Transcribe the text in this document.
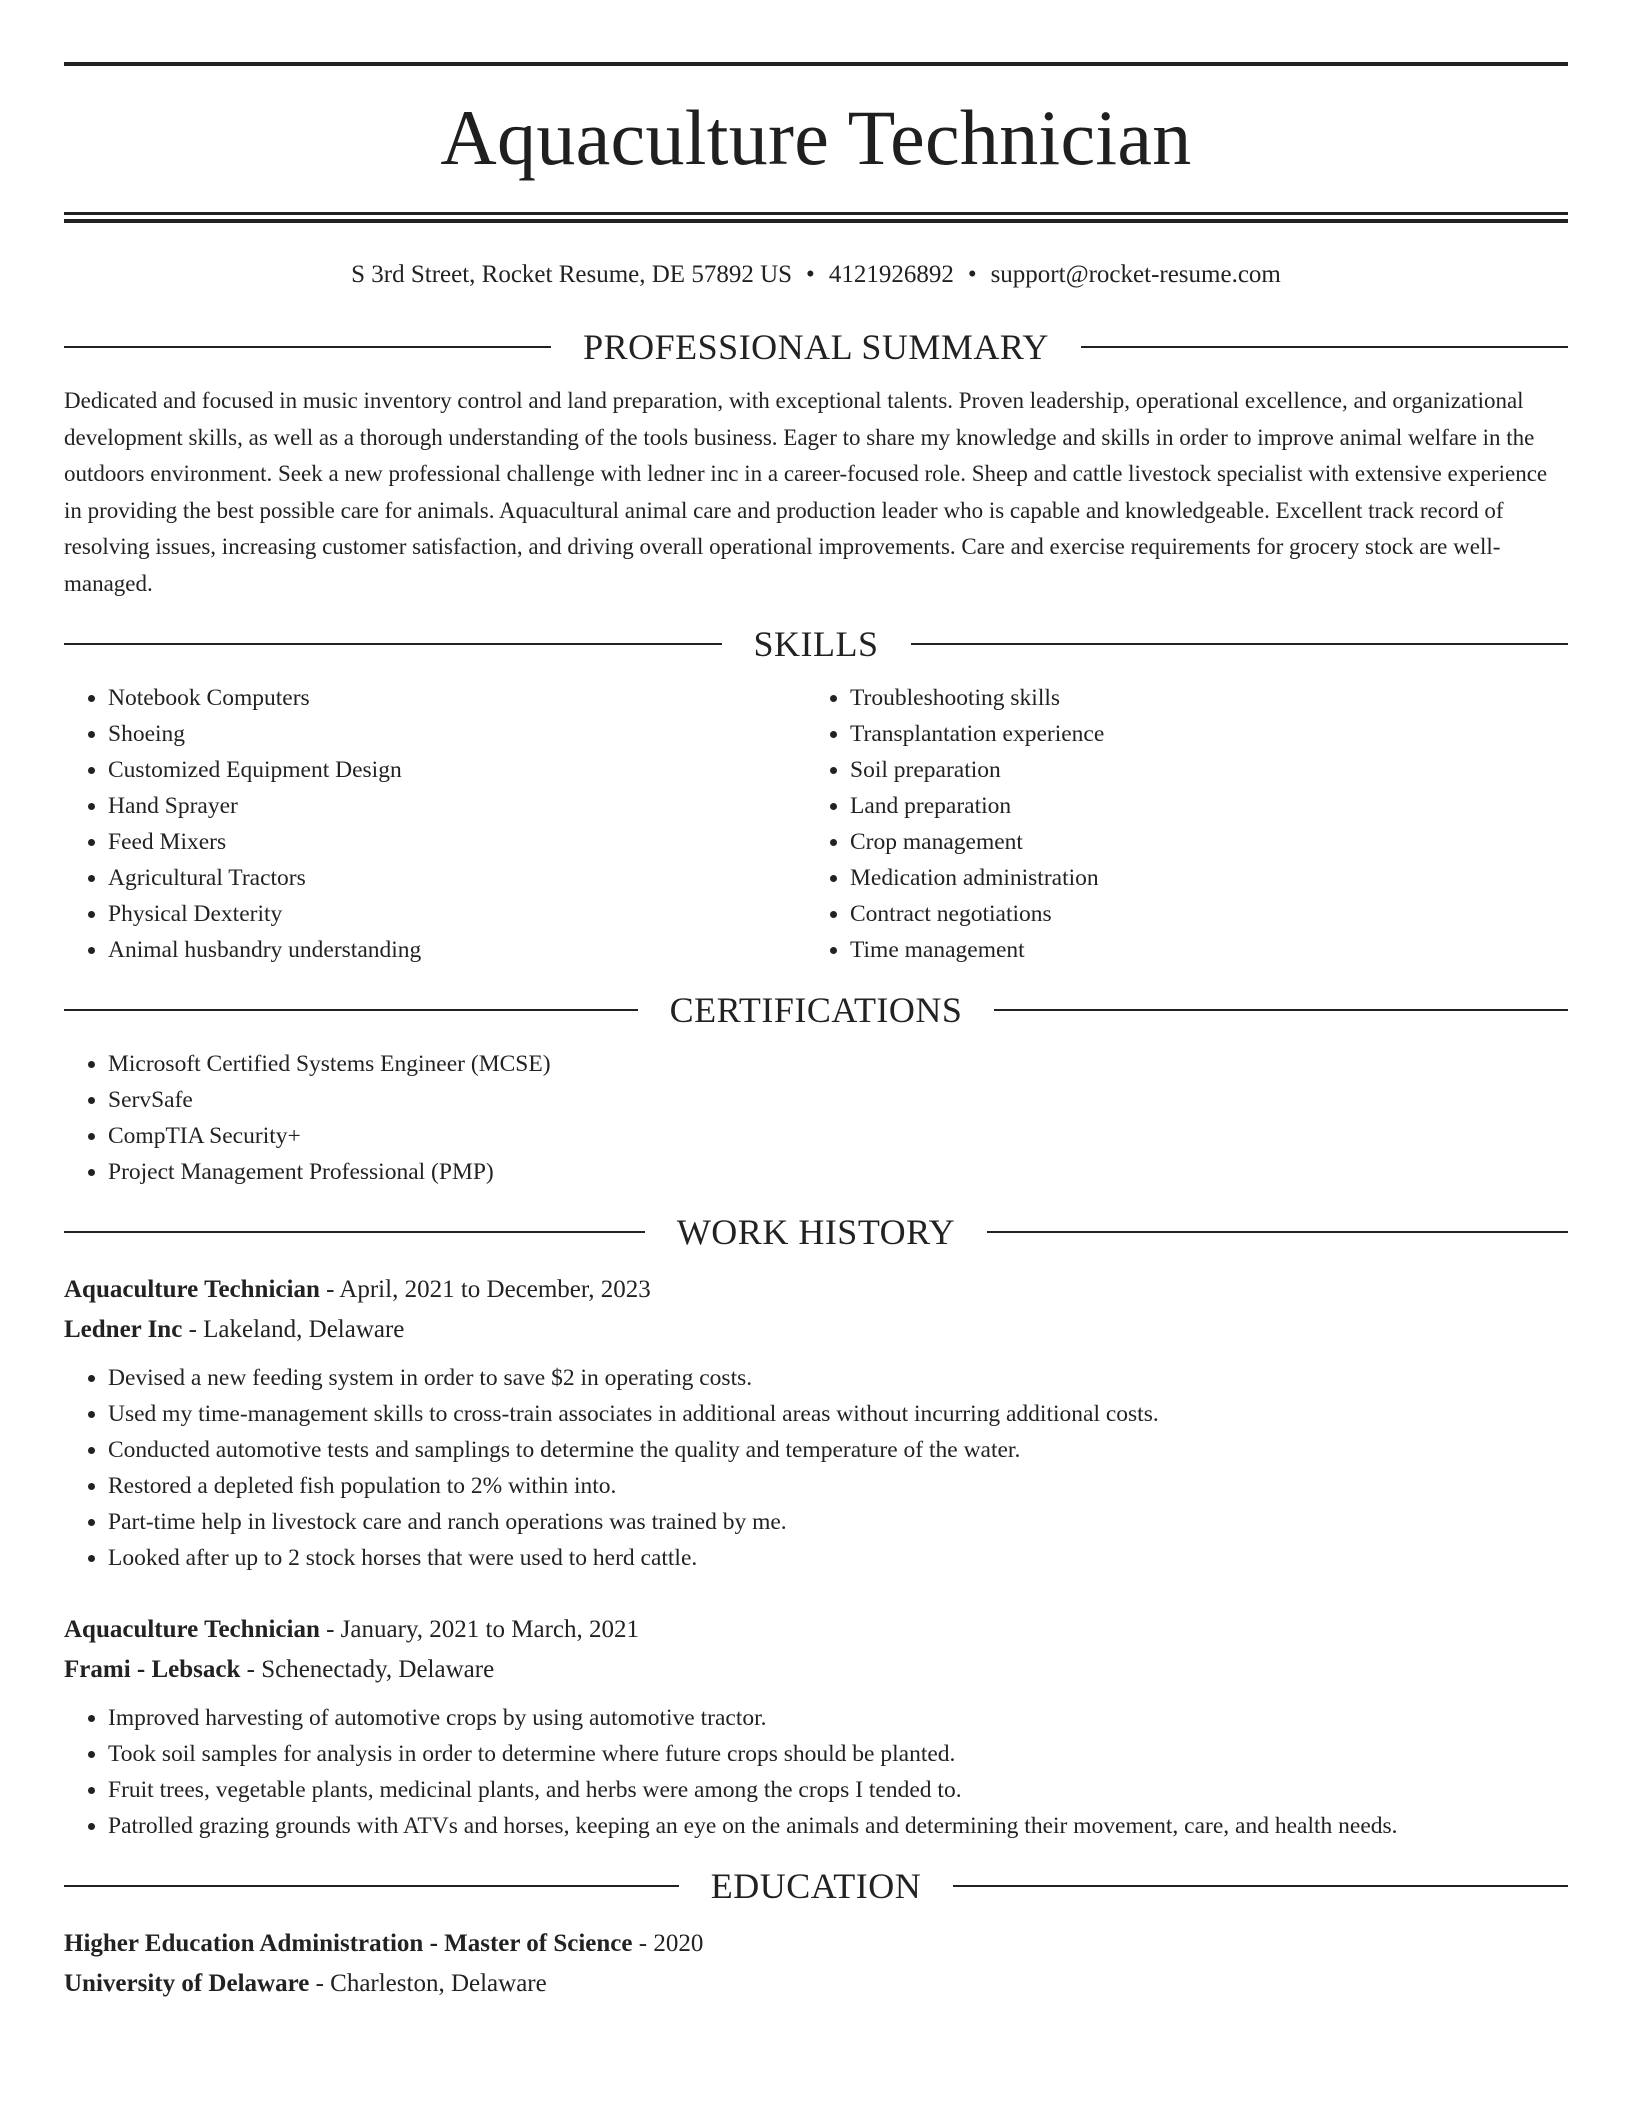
Aquaculture Technician
S 3rd Street, Rocket Resume, DE 57892 US • 4121926892 • support@rocket-resume.com
PROFESSIONAL SUMMARY
Dedicated and focused in music inventory control and land preparation, with exceptional talents. Proven leadership, operational excellence, and organizational development skills, as well as a thorough understanding of the tools business. Eager to share my knowledge and skills in order to improve animal welfare in the outdoors environment. Seek a new professional challenge with ledner inc in a career-focused role. Sheep and cattle livestock specialist with extensive experience in providing the best possible care for animals. Aquacultural animal care and production leader who is capable and knowledgeable. Excellent track record of resolving issues, increasing customer satisfaction, and driving overall operational improvements. Care and exercise requirements for grocery stock are well-managed.
SKILLS
• Notebook Computers
• Shoeing
• Customized Equipment Design
• Hand Sprayer
• Feed Mixers
• Agricultural Tractors
• Physical Dexterity
• Animal husbandry understanding
• Troubleshooting skills
• Transplantation experience
• Soil preparation
• Land preparation
• Crop management
• Medication administration
• Contract negotiations
• Time management
CERTIFICATIONS
• Microsoft Certified Systems Engineer (MCSE)
• ServSafe
• CompTIA Security+
• Project Management Professional (PMP)
WORK HISTORY
Aquaculture Technician - April, 2021 to December, 2023
Ledner Inc - Lakeland, Delaware
• Devised a new feeding system in order to save $2 in operating costs.
• Used my time-management skills to cross-train associates in additional areas without incurring additional costs.
• Conducted automotive tests and samplings to determine the quality and temperature of the water.
• Restored a depleted fish population to 2% within into.
• Part-time help in livestock care and ranch operations was trained by me.
• Looked after up to 2 stock horses that were used to herd cattle.
Aquaculture Technician - January, 2021 to March, 2021
Frami - Lebsack - Schenectady, Delaware
• Improved harvesting of automotive crops by using automotive tractor.
• Took soil samples for analysis in order to determine where future crops should be planted.
• Fruit trees, vegetable plants, medicinal plants, and herbs were among the crops I tended to.
• Patrolled grazing grounds with ATVs and horses, keeping an eye on the animals and determining their movement, care, and health needs.
EDUCATION
Higher Education Administration - Master of Science - 2020
University of Delaware - Charleston, Delaware
